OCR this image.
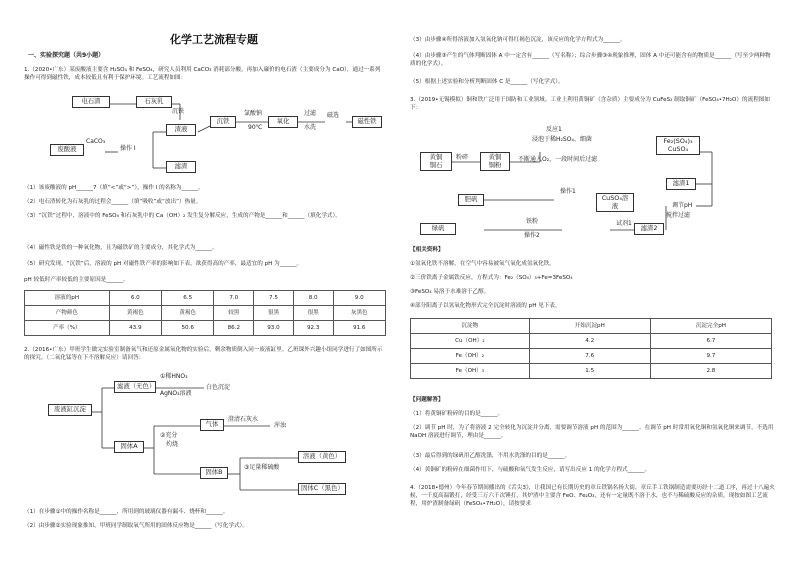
化学工艺流程专题
一、实验探究题（共9小题）
1.（2020•广东）某废酸液主要含 H₂SO₄ 和 FeSO₄，研究人员利用 CaCO₃ 消耗部分酸，再加入廉价的电石渣（主要成分为 CaO），通过一系列操作可得到磁性铁，成本较低且有利于保护环境。工艺流程如图：
电石渣	石灰乳
沉铁
废酸液
CaCO₃
操作 I
渣液
滤渣
沉铁
氯酸钠
90℃
氧化
过滤
水洗
磁选
磁性铁
（1）该废酸液的 pH______7（填“<”或“>”），操作 I 的名称为______。
（2）电石渣转化为石灰乳的过程会______（填“吸收”或“放出”）热量。
（3）“沉铁”过程中，溶液中的 FeSO₄ 和石灰乳中的 Ca（OH）₂ 发生复分解反应，生成的产物是______和______（填化学式）。
（4）磁性铁是铁的一种氧化物，且为磁铁矿的主要成分，其化学式为______。
（5）研究发现，“沉铁”后，溶液的 pH 对磁性铁产率的影响如下表，欲获得高的产率，最适宜的 pH 为______。
pH 较低时产率较低的主要原因是______。
溶液的pH	6.0	6.5	7.0	7.5	8.0	9.0
产物颜色	黄褐色	黄褐色	较黑	很黑	很黑	灰黑色
产率（%）	43.9	50.6	86.2	93.0	92.3	91.6
2.（2016•广东）甲班学生做完实验室制备氧气和还原金属氧化物的实验后，剩余物质倒入同一废液缸里。乙班课外兴趣小组同学进行了如图所示的探究。（二氧化锰等在下不溶解反应）请回答：
废液缸沉淀
滤液（无色）
①稀HNO₃
AgNO₃溶液
白色沉淀
固体A
②充分
灼烧
气体
澄清石灰水
浑浊
固体B
③足量稀硫酸
溶液（黄色）
固体C（黑色）
（1）在步骤①中的操作名称是______，所用到的玻璃仪器有漏斗、烧杯和______。
（2）由步骤②实验现象推知，甲班同学制取氧气所用的固体反应物是______（写化学式）。
（3）由步骤④所得溶液加入氢氧化钠可得红褐色沉淀，该反应的化学方程式为______。
（4）由步骤③产生的气体判断固体 A 中一定含有______（写名称）；综合步骤③④现象推理，固体 A 中还可能含有的物质是______（写至少两种物质的化学式）。
（5）根据上述实验和分析判断固体 C 是______（写化学式）。
3.（2019•无锡模拟）铜和铁广泛用于国防和工业领域。工业上利用黄铜矿（含杂质）主要成分为 CuFeS₂ 制取铜矿（FeSO₄•7H₂O）的流程图如下：
黄铜
铜石
粉碎	黄铜
铜粉
反应1
浸泡于稀H₂SO₄、细菌
不断通入O₂，一段时间后过滤
Fe₂(SO₄)₃
CuSO₄
滤渣1
胆矾
操作1
CuSO₄溶液	调节pH
搅拌过滤
绿矾
铁粉
操作2
试剂1
滤渣2
【相关资料】
①氢氧化铁不溶解，在空气中容易被氧气氧化成氢氧化铁。
②三价铁离子金属铁反应，方程式为：Fe₂（SO₄）₃+Fe=3FeSO₄
③FeSO₄ 易溶于水难溶于乙醇。
④部分阳离子以氢氧化物形式完全沉淀时溶液的 pH 见下表。
沉淀物	开始沉淀pH	沉淀完全pH
Cu（OH）₂	4.2	6.7
Fe（OH）₂	7.6	9.7
Fe（OH）₃	1.5	2.8
【问题解答】
（1）将黄铜矿粉碎的目的是______。
（2）调节 pH 时，为了将溶液 2 完全转化为沉淀并分离，需要调节溶液 pH 的范围为______。在调节 pH 时常用氧化铜和氢氧化铜来调节，不选用 NaOH 溶液进行调节，理由是______。
（3）最后得到的绿矾用乙醇洗涤，不用水洗涤的目的是______。
（4）黄铜矿的粉碎在细菌作用下，与硫酸和氧气发生反应，请写出反应 1 的化学方程式______。
4.（2018•德州）今年春节期间播出的《舌尖3》，让我国已有长期历史的章丘铁锅名扬大街，章丘手工铁锅制造需要历经十二道工序，再过十八遍火候，一千度高温锻打，经受三万六千次锤打，其炉渣中主要含 FeO、Fe₂O₃，还有一定量既不溶于水，也不与稀硫酸反应的杂质。现按如图工艺流程，用炉渣制备绿矾（FeSO₄•7H₂O），请按要求
